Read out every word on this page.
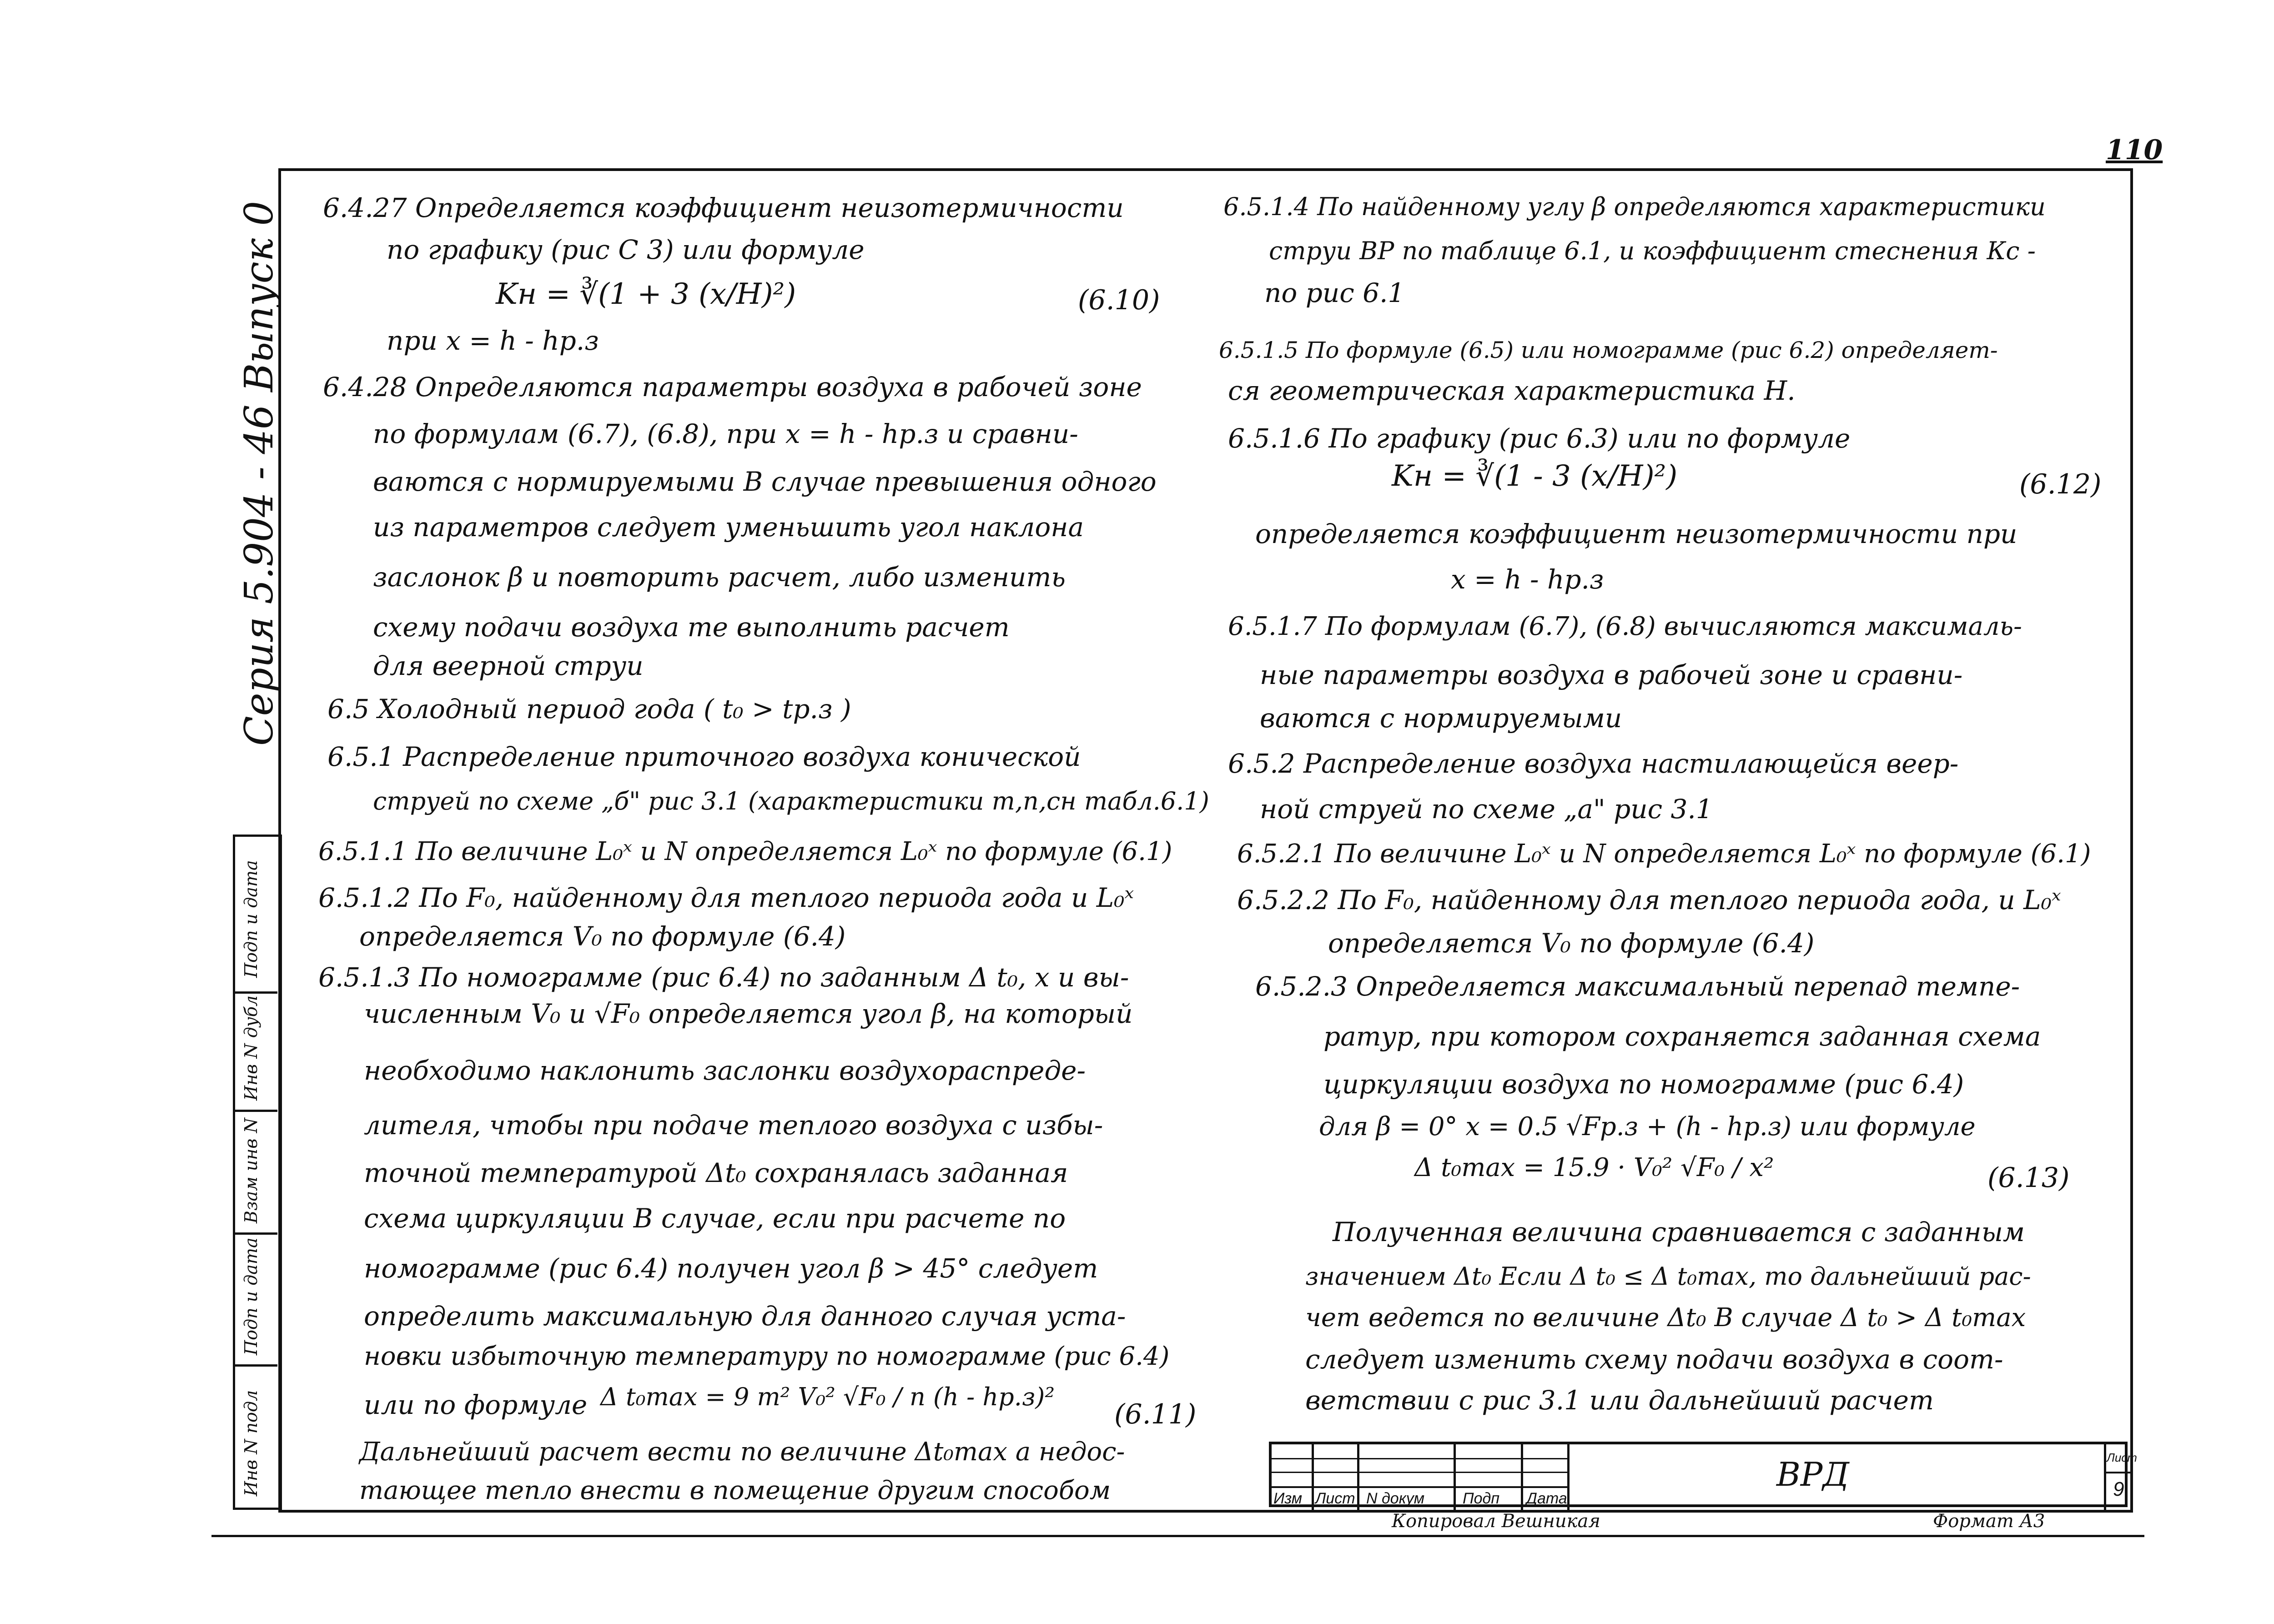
110
Серия 5.904 - 46 Выпуск 0
Подп и дата
Инв N дубл
Взам инв N
Подп и дата
Инв N подл
6.4.27 Определяется коэффициент неизотермичности
по графику (рис С 3) или формуле
Kн = ∛(1 + 3 (x/H)²)	(6.10)
при x = h - hр.з
6.4.28 Определяются параметры воздуха в рабочей зоне
по формулам (6.7), (6.8), при x = h - hр.з и сравни-
ваются с нормируемыми В случае превышения одного
из параметров следует уменьшить угол наклона
заслонок β и повторить расчет, либо изменить
схему подачи воздуха те выполнить расчет
для веерной струи
6.5 Холодный период года ( t₀ > tр.з )
6.5.1 Распределение приточного воздуха конической
струей по схеме „б" рис 3.1 (характеристики m,n,cн табл.6.1)
6.5.1.1 По величине L₀ˣ и N определяется L₀ˣ по формуле (6.1)
6.5.1.2 По F₀, найденному для теплого периода года и L₀ˣ
определяется V₀ по формуле (6.4)
6.5.1.3 По номограмме (рис 6.4) по заданным Δ t₀, x и вы-
численным V₀ и √F₀ определяется угол β, на который
необходимо наклонить заслонки воздухораспреде-
лителя, чтобы при подаче теплого воздуха с избы-
точной температурой Δt₀ сохранялась заданная
схема циркуляции В случае, если при расчете по
номограмме (рис 6.4) получен угол β > 45° следует
определить максимальную для данного случая уста-
новки избыточную температуру по номограмме (рис 6.4)
или по формуле Δ t₀max = 9 m² V₀² √F₀ / n (h - hр.з)²
(6.11)
Дальнейший расчет вести по величине Δt₀max а недос-
тающее тепло внести в помещение другим способом
6.5.1.4 По найденному углу β определяются характеристики
струи ВР по таблице 6.1, и коэффициент стеснения Кс -
по рис 6.1
6.5.1.5 По формуле (6.5) или номограмме (рис 6.2) определяет-
ся геометрическая характеристика Н.
6.5.1.6 По графику (рис 6.3) или по формуле
Kн = ∛(1 - 3 (x/H)²)	(6.12)
определяется коэффициент неизотермичности при
x = h - hр.з
6.5.1.7 По формулам (6.7), (6.8) вычисляются максималь-
ные параметры воздуха в рабочей зоне и сравни-
ваются с нормируемыми
6.5.2 Распределение воздуха настилающейся веер-
ной струей по схеме „а" рис 3.1
6.5.2.1 По величине L₀ˣ и N определяется L₀ˣ по формуле (6.1)
6.5.2.2 По F₀, найденному для теплого периода года, и L₀ˣ
определяется V₀ по формуле (6.4)
6.5.2.3 Определяется максимальный перепад темпе-
ратур, при котором сохраняется заданная схема
циркуляции воздуха по номограмме (рис 6.4)
для β = 0° x = 0.5 √Fр.з + (h - hр.з) или формуле
Δ t₀max = 15.9 · V₀² √F₀ / x²	(6.13)
Полученная величина сравнивается с заданным
значением Δt₀ Если Δ t₀ ≤ Δ t₀max, то дальнейший рас-
чет ведется по величине Δt₀ В случае Δ t₀ > Δ t₀max
следует изменить схему подачи воздуха в соот-
ветствии с рис 3.1 или дальнейший расчет
Изм Лист N докум Подп Дата
ВРД	Лист
9
Копировал Вешникая	Формат А3
